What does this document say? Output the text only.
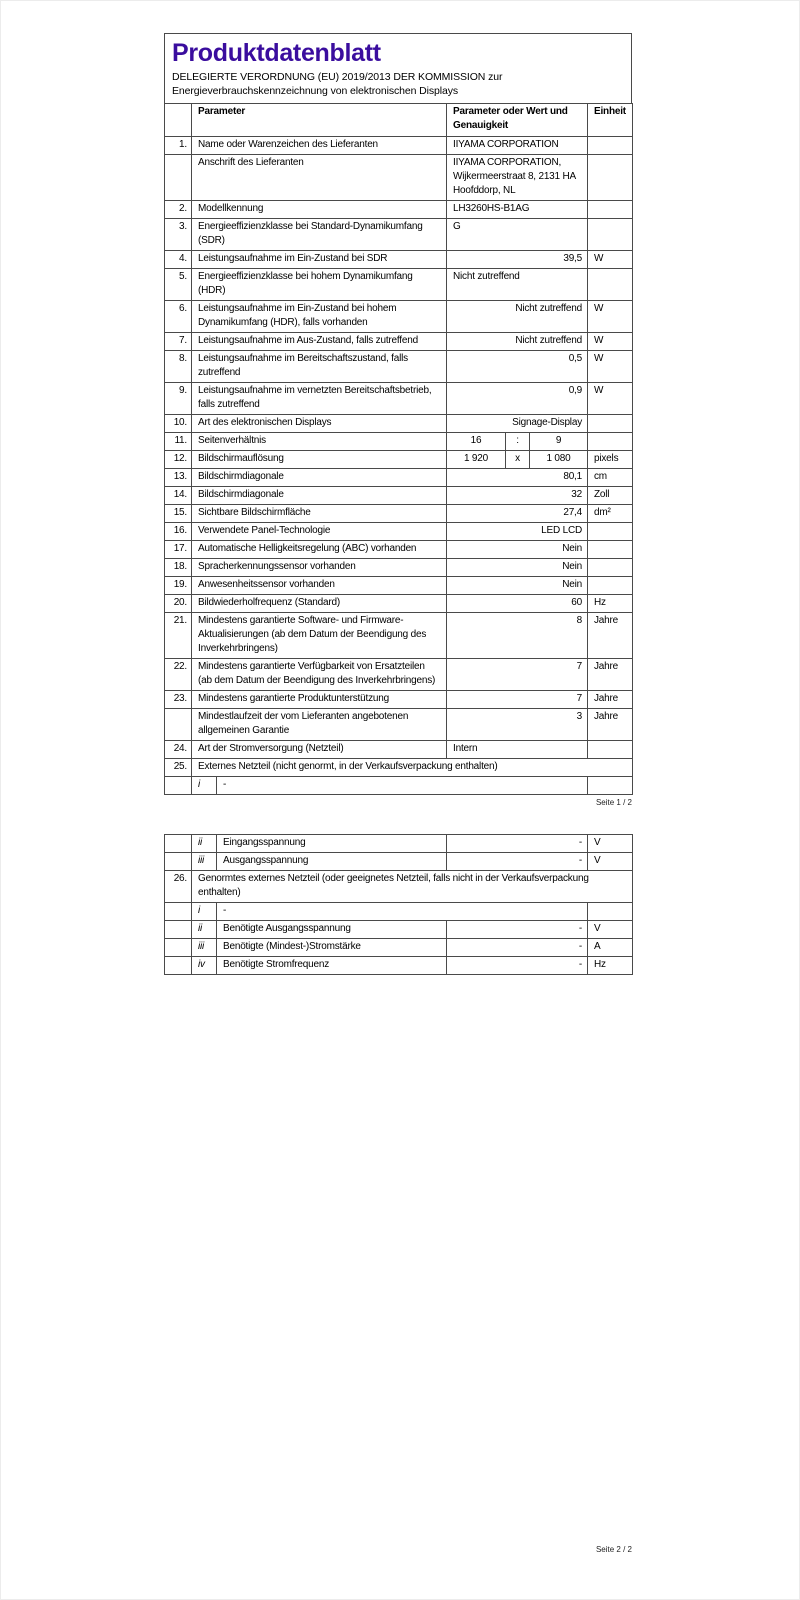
Produktdatenblatt
DELEGIERTE VERORDNUNG (EU) 2019/2013 DER KOMMISSION zur
Energieverbrauchskennzeichnung von elektronischen Displays
	Parameter		Parameter oder Wert und Genauigkeit			Einheit
1.	Name oder Warenzeichen des Lieferanten		IIYAMA CORPORATION			
	Anschrift des Lieferanten		IIYAMA CORPORATION, Wijkermeerstraat 8, 2131 HA Hoofddorp, NL			
2.	Modellkennung		LH3260HS-B1AG			
3.	Energieeffizienzklasse bei Standard-Dynamikumfang (SDR)		G			
4.	Leistungsaufnahme im Ein-Zustand bei SDR		39,5			W
5.	Energieeffizienzklasse bei hohem Dynamikumfang (HDR)		Nicht zutreffend			
6.	Leistungsaufnahme im Ein-Zustand bei hohem Dynamikumfang (HDR), falls vorhanden		Nicht zutreffend			W
7.	Leistungsaufnahme im Aus-Zustand, falls zutreffend		Nicht zutreffend			W
8.	Leistungsaufnahme im Bereitschaftszustand, falls zutreffend		0,5			W
9.	Leistungsaufnahme im vernetzten Bereitschaftsbetrieb, falls zutreffend		0,9			W
10.	Art des elektronischen Displays		Signage-Display			
11.	Seitenverhältnis		16	:	9	
12.	Bildschirmauflösung		1 920	x	1 080	pixels
13.	Bildschirmdiagonale		80,1			cm
14.	Bildschirmdiagonale		32			Zoll
15.	Sichtbare Bildschirmfläche		27,4			dm²
16.	Verwendete Panel-Technologie		LED LCD			
17.	Automatische Helligkeitsregelung (ABC) vorhanden		Nein			
18.	Spracherkennungssensor vorhanden		Nein			
19.	Anwesenheitssensor vorhanden		Nein			
20.	Bildwiederholfrequenz (Standard)		60			Hz
21.	Mindestens garantierte Software- und Firmware-Aktualisierungen (ab dem Datum der Beendigung des Inverkehrbringens)		8			Jahre
22.	Mindestens garantierte Verfügbarkeit von Ersatzteilen (ab dem Datum der Beendigung des Inverkehrbringens)		7			Jahre
23.	Mindestens garantierte Produktunterstützung		7			Jahre
	Mindestlaufzeit der vom Lieferanten angebotenen allgemeinen Garantie		3			Jahre
24.	Art der Stromversorgung (Netzteil)		Intern			
25.	Externes Netzteil (nicht genormt, in der Verkaufsverpackung enthalten)					
	i	-				
Seite 1 / 2
	ii	Eingangsspannung	-	V
	iii	Ausgangsspannung	-	V
26.	Genormtes externes Netzteil (oder geeignetes Netzteil, falls nicht in der Verkaufsverpackung enthalten)			
	i	-		
	ii	Benötigte Ausgangsspannung	-	V
	iii	Benötigte (Mindest-)Stromstärke	-	A
	iv	Benötigte Stromfrequenz	-	Hz
Seite 2 / 2
